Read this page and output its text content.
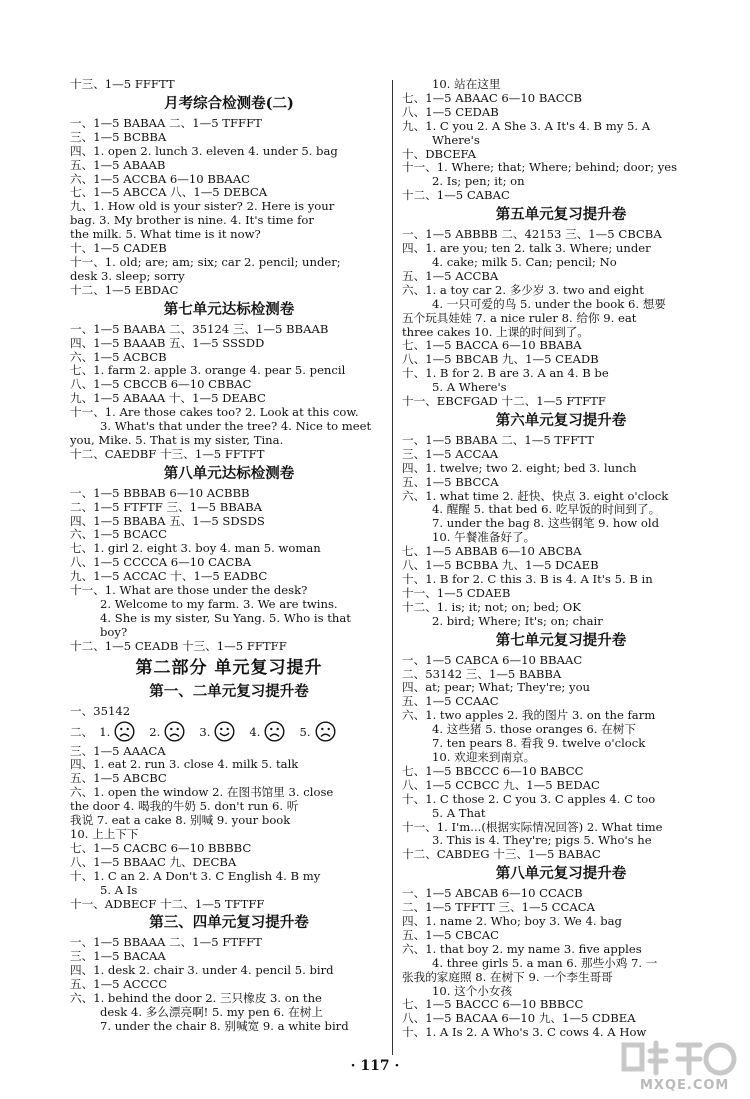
十三、1—5 FFFTT
月考综合检测卷(二)
一、1—5 BABAA 二、1—5 TFFFT
三、1—5 BCBBA
四、1. open 2. lunch 3. eleven 4. under 5. bag
五、1—5 ABAAB
六、1—5 ACCBA 6—10 BBAAC
七、1—5 ABCCA 八、1—5 DEBCA
九、1. How old is your sister? 2. Here is your
bag. 3. My brother is nine. 4. It's time for
the milk. 5. What time is it now?
十、1—5 CADEB
十一、1. old; are; am; six; car 2. pencil; under;
desk 3. sleep; sorry
十二、1—5 EBDAC
第七单元达标检测卷
一、1—5 BAABA 二、35124 三、1—5 BBAAB
四、1—5 BAAAB 五、1—5 SSSDD
六、1—5 ACBCB
七、1. farm 2. apple 3. orange 4. pear 5. pencil
八、1—5 CBCCB 6—10 CBBAC
九、1—5 ABAAA 十、1—5 DEABC
十一、1. Are those cakes too? 2. Look at this cow.
3. What's that under the tree? 4. Nice to meet
you, Mike. 5. That is my sister, Tina.
十二、CAEDBF 十三、1—5 FFTFT
第八单元达标检测卷
一、1—5 BBBAB 6—10 ACBBB
二、1—5 FTFTF 三、1—5 BBABA
四、1—5 BBABA 五、1—5 SDSDS
六、1—5 BCACC
七、1. girl 2. eight 3. boy 4. man 5. woman
八、1—5 CCCCA 6—10 CACBA
九、1—5 ACCAC 十、1—5 EADBC
十一、1. What are those under the desk?
2. Welcome to my farm. 3. We are twins.
4. She is my sister, Su Yang. 5. Who is that
boy?
十二、1—5 CEADB 十三、1—5 FFTFF
第二部分 单元复习提升
第一、二单元复习提升卷
一、35142
二、 1.	2.	3.	4.	5.
三、1—5 AAACA
四、1. eat 2. run 3. close 4. milk 5. talk
五、1—5 ABCBC
六、1. open the window 2. 在图书馆里 3. close
the door 4. 喝我的牛奶 5. don't run 6. 听
我说 7. eat a cake 8. 别喊 9. your book
10. 上上下下
七、1—5 CACBC 6—10 BBBBC
八、1—5 BBAAC 九、DECBA
十、1. C an 2. A Don't 3. C English 4. B my
5. A Is
十一、ADBECF 十二、1—5 TFTFF
第三、四单元复习提升卷
一、1—5 BBAAA 二、1—5 FTFFT
三、1—5 BACAA
四、1. desk 2. chair 3. under 4. pencil 5. bird
五、1—5 ACCCC
六、1. behind the door 2. 三只橡皮 3. on the
desk 4. 多么漂亮啊! 5. my pen 6. 在树上
7. under the chair 8. 别喊宽 9. a white bird
10. 站在这里
七、1—5 ABAAC 6—10 BACCB
八、1—5 CEDAB
九、1. C you 2. A She 3. A It's 4. B my 5. A
Where's
十、DBCEFA
十一、1. Where; that; Where; behind; door; yes
2. Is; pen; it; on
十二、1—5 CABAC
第五单元复习提升卷
一、1—5 ABBBB 二、42153 三、1—5 CBCBA
四、1. are you; ten 2. talk 3. Where; under
4. cake; milk 5. Can; pencil; No
五、1—5 ACCBA
六、1. a toy car 2. 多少岁 3. two and eight
4. 一只可爱的鸟 5. under the book 6. 想要
五个玩具娃娃 7. a nice ruler 8. 给你 9. eat
three cakes 10. 上课的时间到了。
七、1—5 BACCA 6—10 BBABA
八、1—5 BBCAB 九、1—5 CEADB
十、1. B for 2. B are 3. A an 4. B be
5. A Where's
十一、EBCFGAD 十二、1—5 FTFTF
第六单元复习提升卷
一、1—5 BBABA 二、1—5 TFFTT
三、1—5 ACCAA
四、1. twelve; two 2. eight; bed 3. lunch
五、1—5 BBCCA
六、1. what time 2. 赶快、快点 3. eight o'clock
4. 醒醒 5. that bed 6. 吃早饭的时间到了。
7. under the bag 8. 这些钢笔 9. how old
10. 午餐准备好了。
七、1—5 ABBAB 6—10 ABCBA
八、1—5 BCBBA 九、1—5 DCAEB
十、1. B for 2. C this 3. B is 4. A It's 5. B in
十一、1—5 CDAEB
十二、1. is; it; not; on; bed; OK
2. bird; Where; It's; on; chair
第七单元复习提升卷
一、1—5 CABCA 6—10 BBAAC
二、53142 三、1—5 BABBA
四、at; pear; What; They're; you
五、1—5 CCAAC
六、1. two apples 2. 我的图片 3. on the farm
4. 这些猪 5. those oranges 6. 在树下
7. ten pears 8. 看我 9. twelve o'clock
10. 欢迎来到南京。
七、1—5 BBCCC 6—10 BABCC
八、1—5 CCBCC 九、1—5 BEDAC
十、1. C those 2. C you 3. C apples 4. C too
5. A That
十一、1. I'm...(根据实际情况回答) 2. What time
3. This is 4. They're; pigs 5. Who's he
十二、CABDEG 十三、1—5 BABAC
第八单元复习提升卷
一、1—5 ABCAB 6—10 CCACB
二、1—5 TFFTT 三、1—5 CCACA
四、1. name 2. Who; boy 3. We 4. bag
五、1—5 CBCAC
六、1. that boy 2. my name 3. five apples
4. three girls 5. a man 6. 那些小鸡 7. 一
张我的家庭照 8. 在树下 9. 一个李生哥哥
10. 这个小女孩
七、1—5 BACCC 6—10 BBBCC
八、1—5 BACAA 6—10 九、1—5 CDBEA
十、1. A Is 2. A Who's 3. C cows 4. A How
· 117 ·
MXQE.COM
